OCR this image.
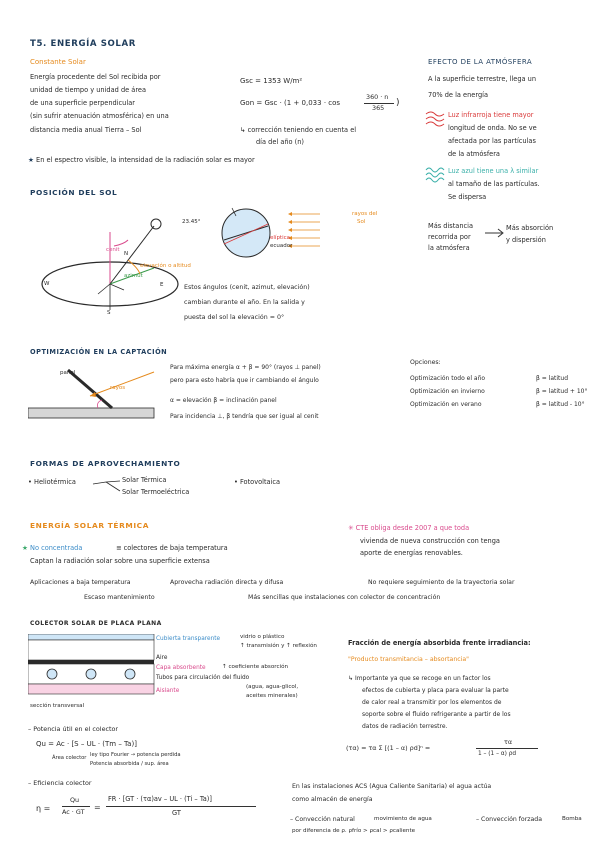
T5. ENERGÍA SOLAR
Constante Solar
Energía procedente del Sol recibida por
unidad de tiempo y unidad de área
de una superficie perpendicular
(sin sufrir atenuación atmosférica) en una
distancia media anual Tierra – Sol
Gsc = 1353 W/m²
Gon = Gsc · (1 + 0,033 · cos
360 · n
365 )
↳ corrección teniendo en cuenta el
día del año (n)
★ En el espectro visible, la intensidad de la radiación solar es mayor
EFECTO DE LA ATMÓSFERA
A la superficie terrestre, llega un
70% de la energía
Luz infrarroja tiene mayor
longitud de onda. No se ve
afectada por las partículas
de la atmósfera
Luz azul tiene una λ similar
al tamaño de las partículas.
Se dispersa
Más distancia
recorrida por
la atmósfera
Más absorción
y dispersión
POSICIÓN DEL SOL
cenit
elevación o altitud
azimut
N
S
E
W
23.45°
elíptica
ecuador
rayos del
Sol
Estos ángulos (cenit, azimut, elevación)
cambian durante el año. En la salida y
puesta del sol la elevación = 0°
OPTIMIZACIÓN EN LA CAPTACIÓN
panel
rayos
Para máxima energía α + β = 90° (rayos ⊥ panel)
pero para esto habría que ir cambiando el ángulo
α = elevación β = inclinación panel
Para incidencia ⊥, β tendría que ser igual al cenit
Opciones:
Optimización todo el año	β = latitud
Optimización en invierno	β = latitud + 10°
Optimización en verano	β = latitud - 10°
FORMAS DE APROVECHAMIENTO
• Heliotérmica	Solar Térmica
Solar Termoeléctrica
• Fotovoltaica
ENERGÍA SOLAR TÉRMICA	✳ CTE obliga desde 2007 a que toda
vivienda de nueva construcción con tenga
aporte de energías renovables.
★ No concentrada	≡ colectores de baja temperatura
Captan la radiación solar sobre una superficie extensa
Aplicaciones a baja temperatura	Aprovecha radiación directa y difusa	No requiere seguimiento de la trayectoria solar
Escaso mantenimiento	Más sencillas que instalaciones con colector de concentración
COLECTOR SOLAR DE PLACA PLANA
Cubierta transparente	vidrio o plástico
↑ transmisión y ↑ reflexión
Aire
Capa absorbente	↑ coeficiente absorción
Tubos para circulación del fluido
(agua, agua-glicol,
aceites minerales)
Aislante
sección transversal
– Potencia útil en el colector
Qu = Ac · [S – UL · (Tm – Ta)]
ley tipo Fourier → potencia perdida
Potencia absorbida / sup. área
Área colector
– Eficiencia colector
η =
Qu
Ac · GT =
FR · [GT · (τα)av – UL · (Ti – Ta)]
GT
Fracción de energía absorbida frente irradiancia:
"Producto transmitancia – absortancia"
↳ Importante ya que se recoge en un factor los
efectos de cubierta y placa para evaluar la parte
de calor real a transmitir por los elementos de
soporte sobre el fluido refrigerante a partir de los
datos de radiación terrestre.
(τα) = τα Σ [(1 – α) ρd]ⁿ =
τα
1 – (1 – α) ρd
En las instalaciones ACS (Agua Caliente Sanitaria) el agua actúa
como almacén de energía
– Convección natural	movimiento de agua
por diferencia de ρ. ρfrío > ρcal > ρcaliente
– Convección forzada	Bomba
